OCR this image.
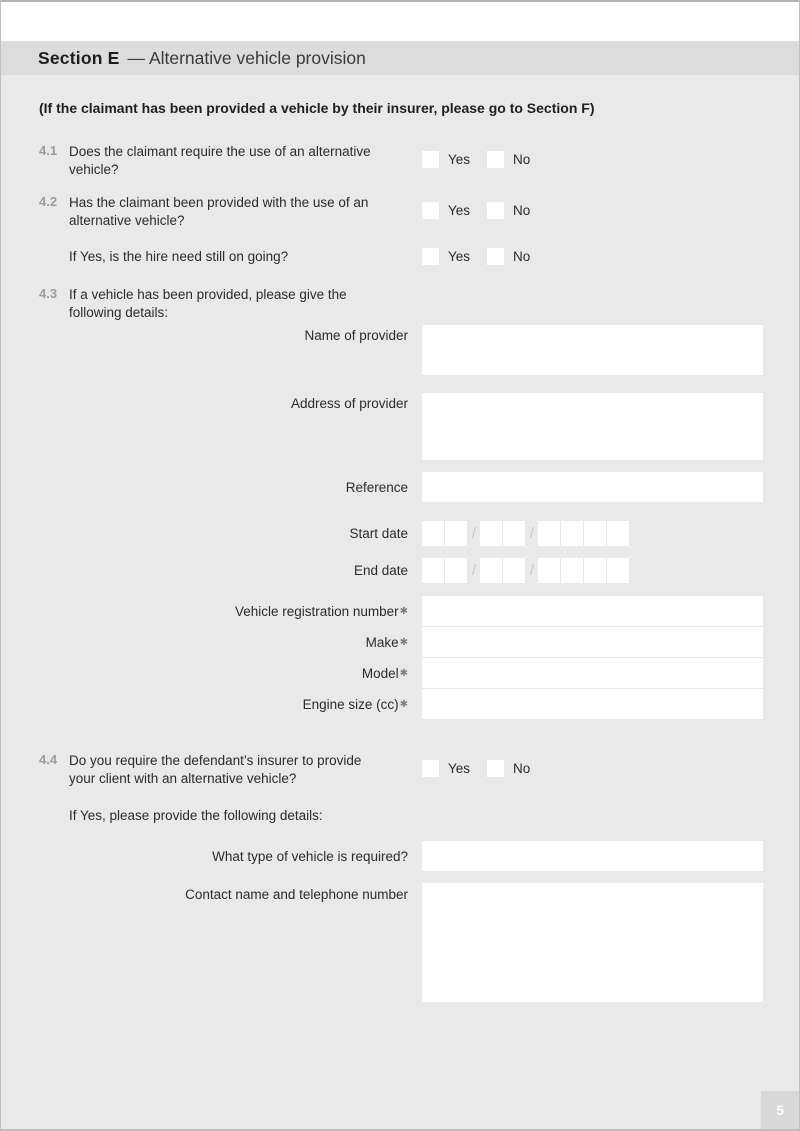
Section E — Alternative vehicle provision
(If the claimant has been provided a vehicle by their insurer, please go to Section F)
4.1 Does the claimant require the use of an alternative vehicle?
Yes	No
4.2 Has the claimant been provided with the use of an alternative vehicle?
Yes	No
If Yes, is the hire need still on going?	Yes	No
4.3 If a vehicle has been provided, please give the following details:
Name of provider
Address of provider
Reference
Start date	/	/
End date	/	/
Vehicle registration number ✱
Make ✱
Model ✱
Engine size (cc) ✱
4.4 Do you require the defendant’s insurer to provide your client with an alternative vehicle?
Yes	No
If Yes, please provide the following details:
What type of vehicle is required?
Contact name and telephone number
5
